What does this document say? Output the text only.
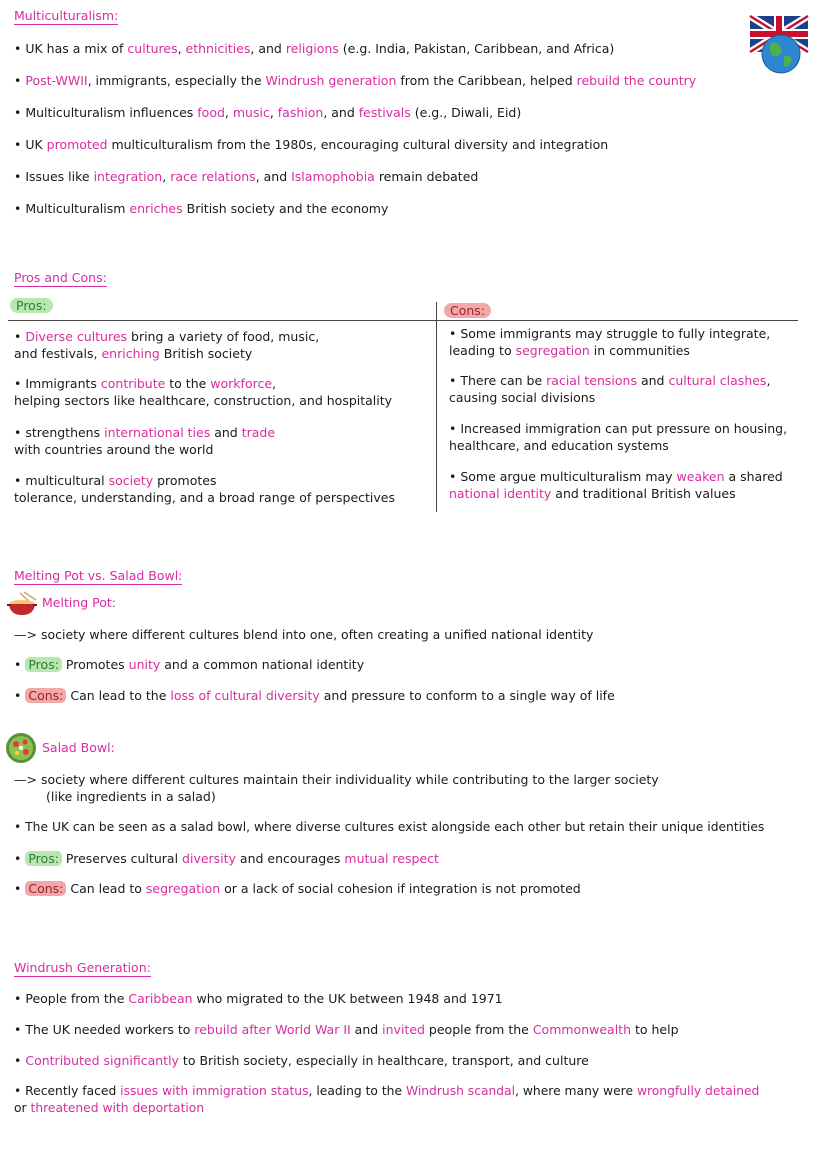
Multiculturalism:
• UK has a mix of cultures, ethnicities, and religions (e.g. India, Pakistan, Caribbean, and Africa)
• Post-WWII, immigrants, especially the Windrush generation from the Caribbean, helped rebuild the country
• Multiculturalism influences food, music, fashion, and festivals (e.g., Diwali, Eid)
• UK promoted multiculturalism from the 1980s, encouraging cultural diversity and integration
• Issues like integration, race relations, and Islamophobia remain debated
• Multiculturalism enriches British society and the economy
Pros and Cons:
Pros:	Cons:
• Diverse cultures bring a variety of food, music,
and festivals, enriching British society
• Immigrants contribute to the workforce,
helping sectors like healthcare, construction, and hospitality
• strengthens international ties and trade
with countries around the world
• multicultural society promotes
tolerance, understanding, and a broad range of perspectives
• Some immigrants may struggle to fully integrate,
leading to segregation in communities
• There can be racial tensions and cultural clashes,
causing social divisions
• Increased immigration can put pressure on housing,
healthcare, and education systems
• Some argue multiculturalism may weaken a shared
national identity and traditional British values
Melting Pot vs. Salad Bowl:
Melting Pot:
—> society where different cultures blend into one, often creating a unified national identity
• Pros: Promotes unity and a common national identity
• Cons: Can lead to the loss of cultural diversity and pressure to conform to a single way of life
Salad Bowl:
—> society where different cultures maintain their individuality while contributing to the larger society
(like ingredients in a salad)
• The UK can be seen as a salad bowl, where diverse cultures exist alongside each other but retain their unique identities
• Pros: Preserves cultural diversity and encourages mutual respect
• Cons: Can lead to segregation or a lack of social cohesion if integration is not promoted
Windrush Generation:
• People from the Caribbean who migrated to the UK between 1948 and 1971
• The UK needed workers to rebuild after World War II and invited people from the Commonwealth to help
• Contributed significantly to British society, especially in healthcare, transport, and culture
• Recently faced issues with immigration status, leading to the Windrush scandal, where many were wrongfully detained
or threatened with deportation
